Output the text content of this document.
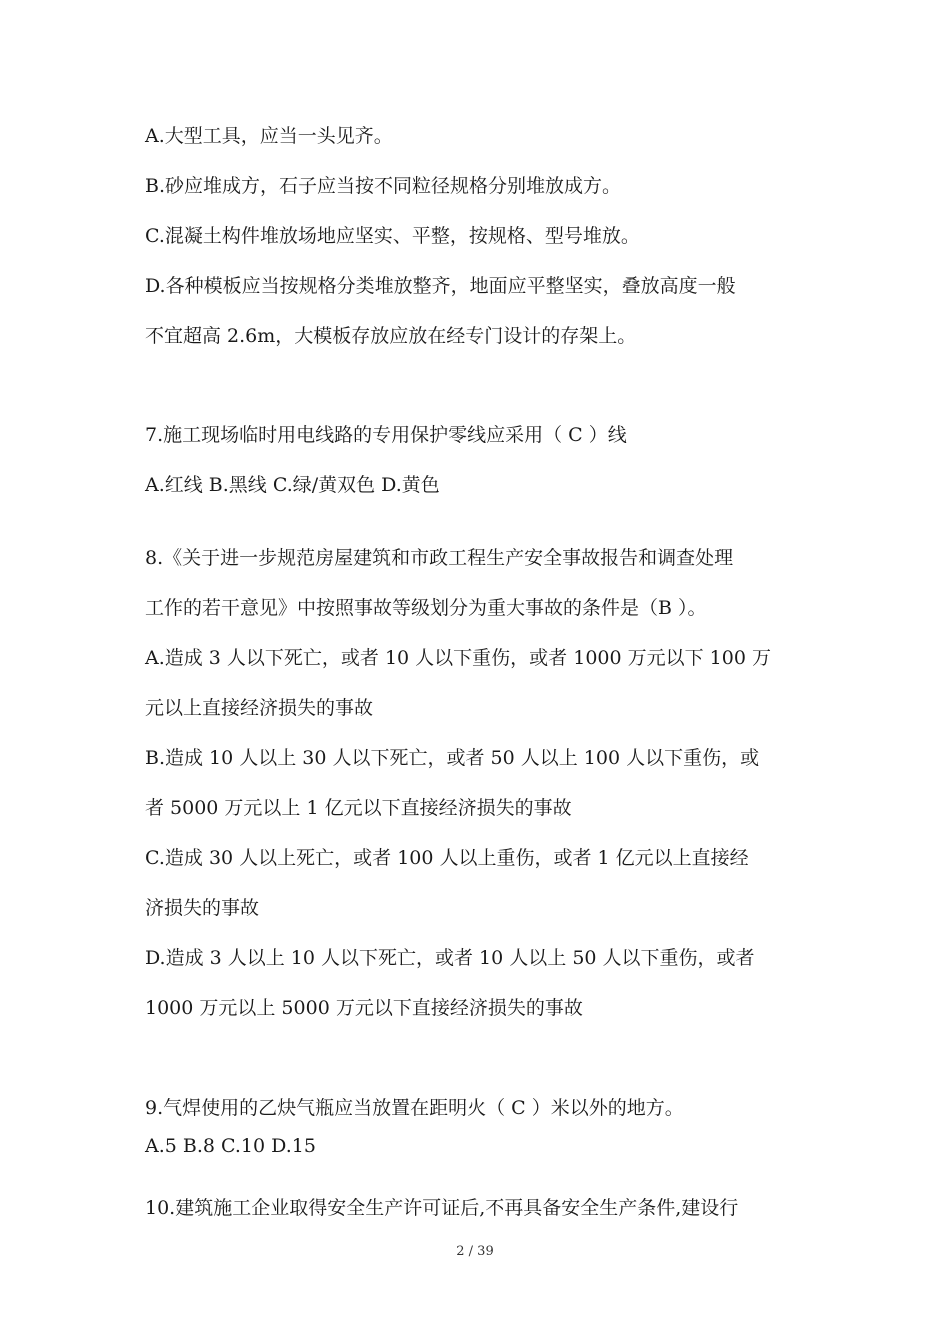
A.大型工具，应当一头见齐。
B.砂应堆成方，石子应当按不同粒径规格分别堆放成方。
C.混凝土构件堆放场地应坚实、平整，按规格、型号堆放。
D.各种模板应当按规格分类堆放整齐，地面应平整坚实，叠放高度一般
不宜超高 2.6m，大模板存放应放在经专门设计的存架上。
7.施工现场临时用电线路的专用保护零线应采用（ C ）线
A.红线 B.黑线 C.绿/黄双色 D.黄色
8.《关于进一步规范房屋建筑和市政工程生产安全事故报告和调查处理
工作的若干意见》中按照事故等级划分为重大事故的条件是（B ）。
A.造成 3 人以下死亡，或者 10 人以下重伤，或者 1000 万元以下 100 万
元以上直接经济损失的事故
B.造成 10 人以上 30 人以下死亡，或者 50 人以上 100 人以下重伤，或
者 5000 万元以上 1 亿元以下直接经济损失的事故
C.造成 30 人以上死亡，或者 100 人以上重伤，或者 1 亿元以上直接经
济损失的事故
D.造成 3 人以上 10 人以下死亡，或者 10 人以上 50 人以下重伤，或者
1000 万元以上 5000 万元以下直接经济损失的事故
9.气焊使用的乙炔气瓶应当放置在距明火（ C ）米以外的地方。
A.5 B.8 C.10 D.15
10.建筑施工企业取得安全生产许可证后,不再具备安全生产条件,建设行
2 / 39
